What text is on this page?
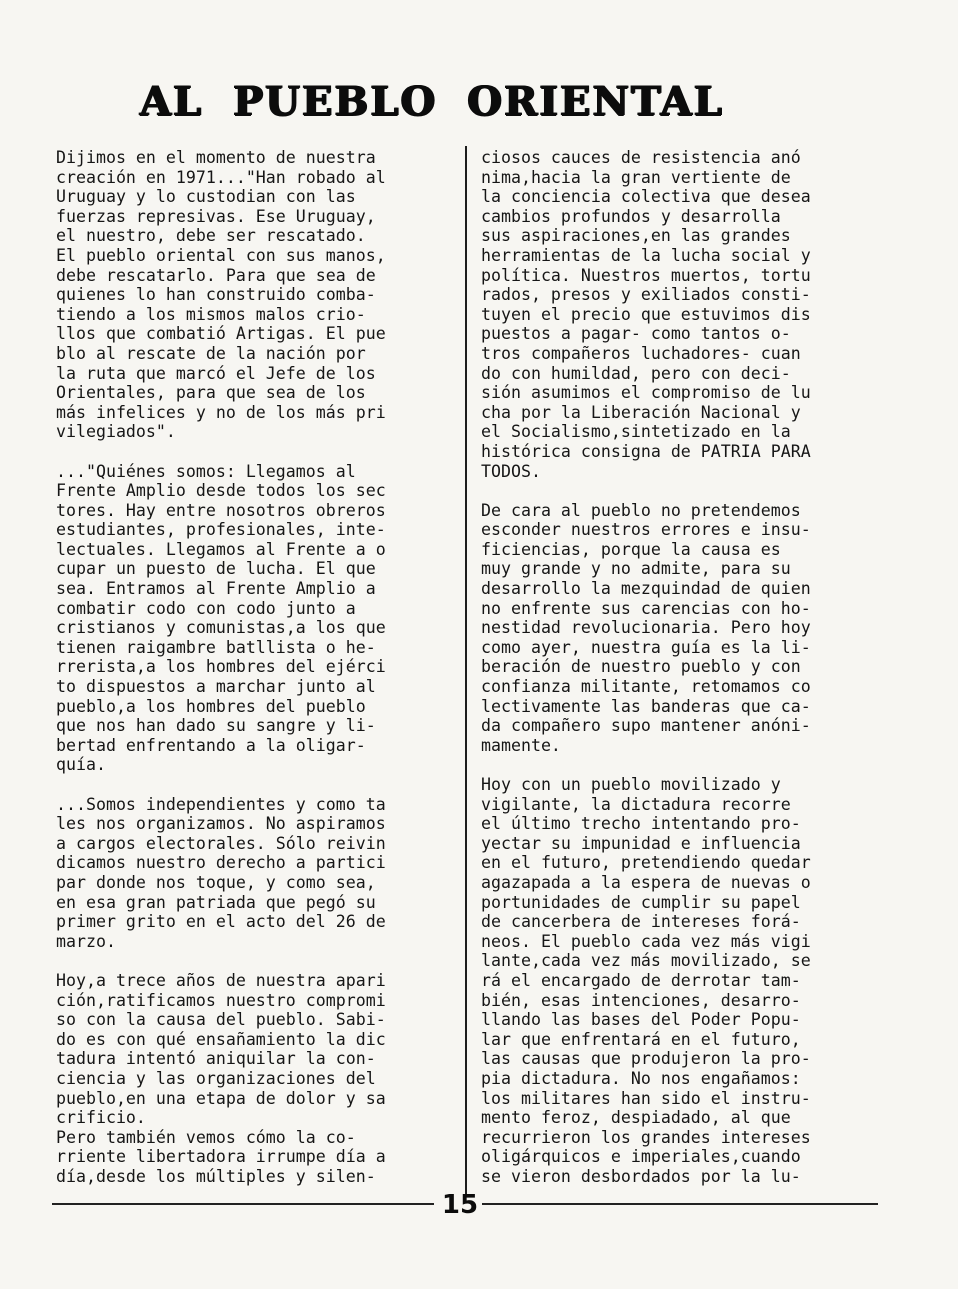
AL PUEBLO ORIENTAL
Dijimos en el momento de nuestra
creación en 1971..."Han robado al
Uruguay y lo custodian con las
fuerzas represivas. Ese Uruguay,
el nuestro, debe ser rescatado.
El pueblo oriental con sus manos,
debe rescatarlo. Para que sea de
quienes lo han construido comba-
tiendo a los mismos malos crio-
llos que combatió Artigas. El pue
blo al rescate de la nación por
la ruta que marcó el Jefe de los
Orientales, para que sea de los
más infelices y no de los más pri
vilegiados".
..."Quiénes somos: Llegamos al
Frente Amplio desde todos los sec
tores. Hay entre nosotros obreros
estudiantes, profesionales, inte-
lectuales. Llegamos al Frente a o
cupar un puesto de lucha. El que
sea. Entramos al Frente Amplio a
combatir codo con codo junto a
cristianos y comunistas,a los que
tienen raigambre batllista o he-
rrerista,a los hombres del ejérci
to dispuestos a marchar junto al
pueblo,a los hombres del pueblo
que nos han dado su sangre y li-
bertad enfrentando a la oligar-
quía.
...Somos independientes y como ta
les nos organizamos. No aspiramos
a cargos electorales. Sólo reivin
dicamos nuestro derecho a partici
par donde nos toque, y como sea,
en esa gran patriada que pegó su
primer grito en el acto del 26 de
marzo.
Hoy,a trece años de nuestra apari
ción,ratificamos nuestro compromi
so con la causa del pueblo. Sabi-
do es con qué ensañamiento la dic
tadura intentó aniquilar la con-
ciencia y las organizaciones del
pueblo,en una etapa de dolor y sa
crificio.
Pero también vemos cómo la co-
rriente libertadora irrumpe día a
día,desde los múltiples y silen-
ciosos cauces de resistencia anó
nima,hacia la gran vertiente de
la conciencia colectiva que desea
cambios profundos y desarrolla
sus aspiraciones,en las grandes
herramientas de la lucha social y
política. Nuestros muertos, tortu
rados, presos y exiliados consti-
tuyen el precio que estuvimos dis
puestos a pagar- como tantos o-
tros compañeros luchadores- cuan
do con humildad, pero con deci-
sión asumimos el compromiso de lu
cha por la Liberación Nacional y
el Socialismo,sintetizado en la
histórica consigna de PATRIA PARA
TODOS.
De cara al pueblo no pretendemos
esconder nuestros errores e insu-
ficiencias, porque la causa es
muy grande y no admite, para su
desarrollo la mezquindad de quien
no enfrente sus carencias con ho-
nestidad revolucionaria. Pero hoy
como ayer, nuestra guía es la li-
beración de nuestro pueblo y con
confianza militante, retomamos co
lectivamente las banderas que ca-
da compañero supo mantener anóni-
mamente.
Hoy con un pueblo movilizado y
vigilante, la dictadura recorre
el último trecho intentando pro-
yectar su impunidad e influencia
en el futuro, pretendiendo quedar
agazapada a la espera de nuevas o
portunidades de cumplir su papel
de cancerbera de intereses forá-
neos. El pueblo cada vez más vigi
lante,cada vez más movilizado, se
rá el encargado de derrotar tam-
bién, esas intenciones, desarro-
llando las bases del Poder Popu-
lar que enfrentará en el futuro,
las causas que produjeron la pro-
pia dictadura. No nos engañamos:
los militares han sido el instru-
mento feroz, despiadado, al que
recurrieron los grandes intereses
oligárquicos e imperiales,cuando
se vieron desbordados por la lu-
15
